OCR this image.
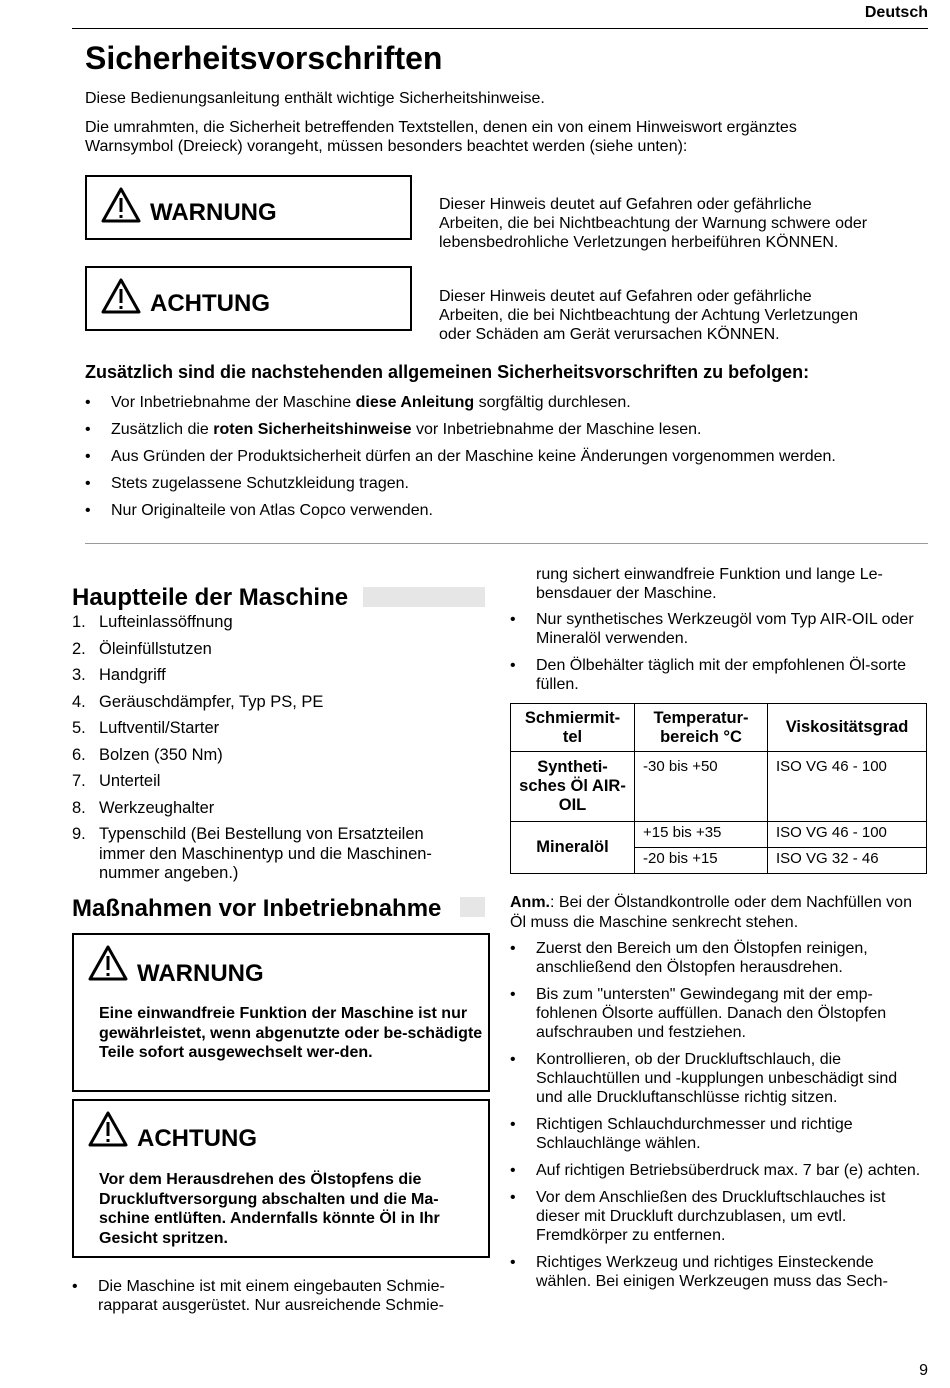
Deutsch
Sicherheitsvorschriften
Diese Bedienungsanleitung enthält wichtige Sicherheitshinweise.
Die umrahmten, die Sicherheit betreffenden Textstellen, denen ein von einem Hinweiswort ergänztes
Warnsymbol (Dreieck) vorangeht, müssen besonders beachtet werden (siehe unten):
WARNUNG	Dieser Hinweis deutet auf Gefahren oder gefährliche
Arbeiten, die bei Nichtbeachtung der Warnung schwere oder
lebensbedrohliche Verletzungen herbeiführen KÖNNEN.
ACHTUNG	Dieser Hinweis deutet auf Gefahren oder gefährliche
Arbeiten, die bei Nichtbeachtung der Achtung Verletzungen
oder Schäden am Gerät verursachen KÖNNEN.
Zusätzlich sind die nachstehenden allgemeinen Sicherheitsvorschriften zu befolgen:
• Vor Inbetriebnahme der Maschine diese Anleitung sorgfältig durchlesen.
• Zusätzlich die roten Sicherheitshinweise vor Inbetriebnahme der Maschine lesen.
• Aus Gründen der Produktsicherheit dürfen an der Maschine keine Änderungen vorgenommen werden.
• Stets zugelassene Schutzkleidung tragen.
• Nur Originalteile von Atlas Copco verwenden.
Hauptteile der Maschine
1. Lufteinlassöffnung
2. Öleinfüllstutzen
3. Handgriff
4. Geräuschdämpfer, Typ PS, PE
5. Luftventil/Starter
6. Bolzen (350 Nm)
7. Unterteil
8. Werkzeughalter
9. Typenschild (Bei Bestellung von Ersatzteilen immer den Maschinentyp und die Maschinen-nummer angeben.)
Maßnahmen vor Inbetriebnahme
WARNUNG
Eine einwandfreie Funktion der Maschine ist nur gewährleistet, wenn abgenutzte oder be-schädigte Teile sofort ausgewechselt wer-den.
ACHTUNG
Vor dem Herausdrehen des Ölstopfens die Druckluftversorgung abschalten und die Ma-schine entlüften. Andernfalls könnte Öl in Ihr Gesicht spritzen.
• Die Maschine ist mit einem eingebauten Schmie-rapparat ausgerüstet. Nur ausreichende Schmie-
rung sichert einwandfreie Funktion und lange Le-bensdauer der Maschine.
• Nur synthetisches Werkzeugöl vom Typ AIR-OIL oder Mineralöl verwenden.
• Den Ölbehälter täglich mit der empfohlenen Öl-sorte füllen.
Schmiermit-tel	Temperatur-bereich °C	Viskositätsgrad
Syntheti-sches Öl AIR-OIL	-30 bis +50	ISO VG 46 - 100
Mineralöl	+15 bis +35	ISO VG 46 - 100
	-20 bis +15	ISO VG 32 - 46
Anm.: Bei der Ölstandkontrolle oder dem Nachfüllen von Öl muss die Maschine senkrecht stehen.
• Zuerst den Bereich um den Ölstopfen reinigen, anschließend den Ölstopfen herausdrehen.
• Bis zum "untersten" Gewindegang mit der emp-fohlenen Ölsorte auffüllen. Danach den Ölstopfen aufschrauben und festziehen.
• Kontrollieren, ob der Druckluftschlauch, die Schlauchtüllen und -kupplungen unbeschädigt sind und alle Druckluftanschlüsse richtig sitzen.
• Richtigen Schlauchdurchmesser und richtige Schlauchlänge wählen.
• Auf richtigen Betriebsüberdruck max. 7 bar (e) achten.
• Vor dem Anschließen des Druckluftschlauches ist dieser mit Druckluft durchzublasen, um evtl. Fremdkörper zu entfernen.
• Richtiges Werkzeug und richtiges Einsteckende wählen. Bei einigen Werkzeugen muss das Sech-
9
